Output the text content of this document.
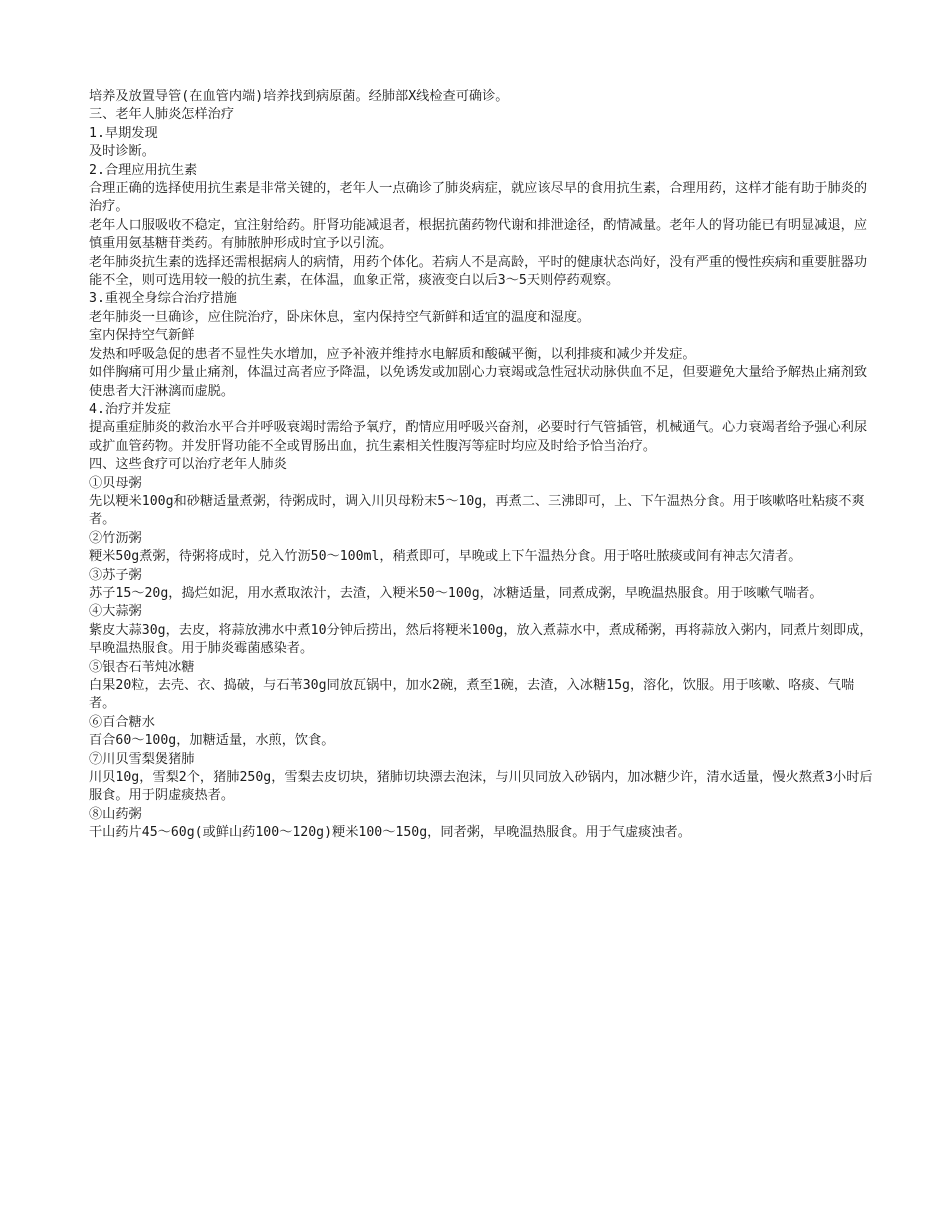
培养及放置导管(在血管内端)培养找到病原菌。经肺部X线检查可确诊。

三、老年人肺炎怎样治疗

1.早期发现

及时诊断。

2.合理应用抗生素

合理正确的选择使用抗生素是非常关键的，老年人一点确诊了肺炎病症，就应该尽早的食用抗生素，合理用药，这样才能有助于肺炎的治疗。

老年人口服吸收不稳定，宜注射给药。肝肾功能减退者，根据抗菌药物代谢和排泄途径，酌情减量。老年人的肾功能已有明显减退，应慎重用氨基糖苷类药。有肺脓肿形成时宜予以引流。

老年肺炎抗生素的选择还需根据病人的病情，用药个体化。若病人不是高龄，平时的健康状态尚好，没有严重的慢性疾病和重要脏器功能不全，则可选用较一般的抗生素，在体温，血象正常，痰液变白以后3～5天则停药观察。

3.重视全身综合治疗措施

老年肺炎一旦确诊，应住院治疗，卧床休息，室内保持空气新鲜和适宜的温度和湿度。

室内保持空气新鲜

发热和呼吸急促的患者不显性失水增加，应予补液并维持水电解质和酸碱平衡，以利排痰和减少并发症。

如伴胸痛可用少量止痛剂，体温过高者应予降温，以免诱发或加剧心力衰竭或急性冠状动脉供血不足，但要避免大量给予解热止痛剂致使患者大汗淋漓而虚脱。

4.治疗并发症

提高重症肺炎的救治水平合并呼吸衰竭时需给予氧疗，酌情应用呼吸兴奋剂，必要时行气管插管，机械通气。心力衰竭者给予强心利尿或扩血管药物。并发肝肾功能不全或胃肠出血，抗生素相关性腹泻等症时均应及时给予恰当治疗。

四、这些食疗可以治疗老年人肺炎

①贝母粥

先以粳米100g和砂糖适量煮粥，待粥成时，调入川贝母粉末5～10g，再煮二、三沸即可，上、下午温热分食。用于咳嗽咯吐粘痰不爽者。

②竹沥粥

粳米50g煮粥，待粥将成时，兑入竹沥50～100ml，稍煮即可，早晚或上下午温热分食。用于咯吐脓痰或间有神志欠清者。

③苏子粥

苏子15～20g，捣烂如泥，用水煮取浓汁，去渣，入粳米50～100g，冰糖适量，同煮成粥，早晚温热服食。用于咳嗽气喘者。

④大蒜粥

紫皮大蒜30g，去皮，将蒜放沸水中煮10分钟后捞出，然后将粳米100g，放入煮蒜水中，煮成稀粥，再将蒜放入粥内，同煮片刻即成，早晚温热服食。用于肺炎霉菌感染者。

⑤银杏石苇炖冰糖

白果20粒，去壳、衣、捣破，与石苇30g同放瓦锅中，加水2碗，煮至1碗，去渣，入冰糖15g，溶化，饮服。用于咳嗽、咯痰、气喘者。

⑥百合糖水

百合60～100g，加糖适量，水煎，饮食。

⑦川贝雪梨煲猪肺

川贝10g，雪梨2个，猪肺250g，雪梨去皮切块，猪肺切块漂去泡沫，与川贝同放入砂锅内，加冰糖少许，清水适量，慢火熬煮3小时后服食。用于阴虚痰热者。

⑧山药粥

干山药片45～60g(或鲜山药100～120g)粳米100～150g，同者粥，早晚温热服食。用于气虚痰浊者。
